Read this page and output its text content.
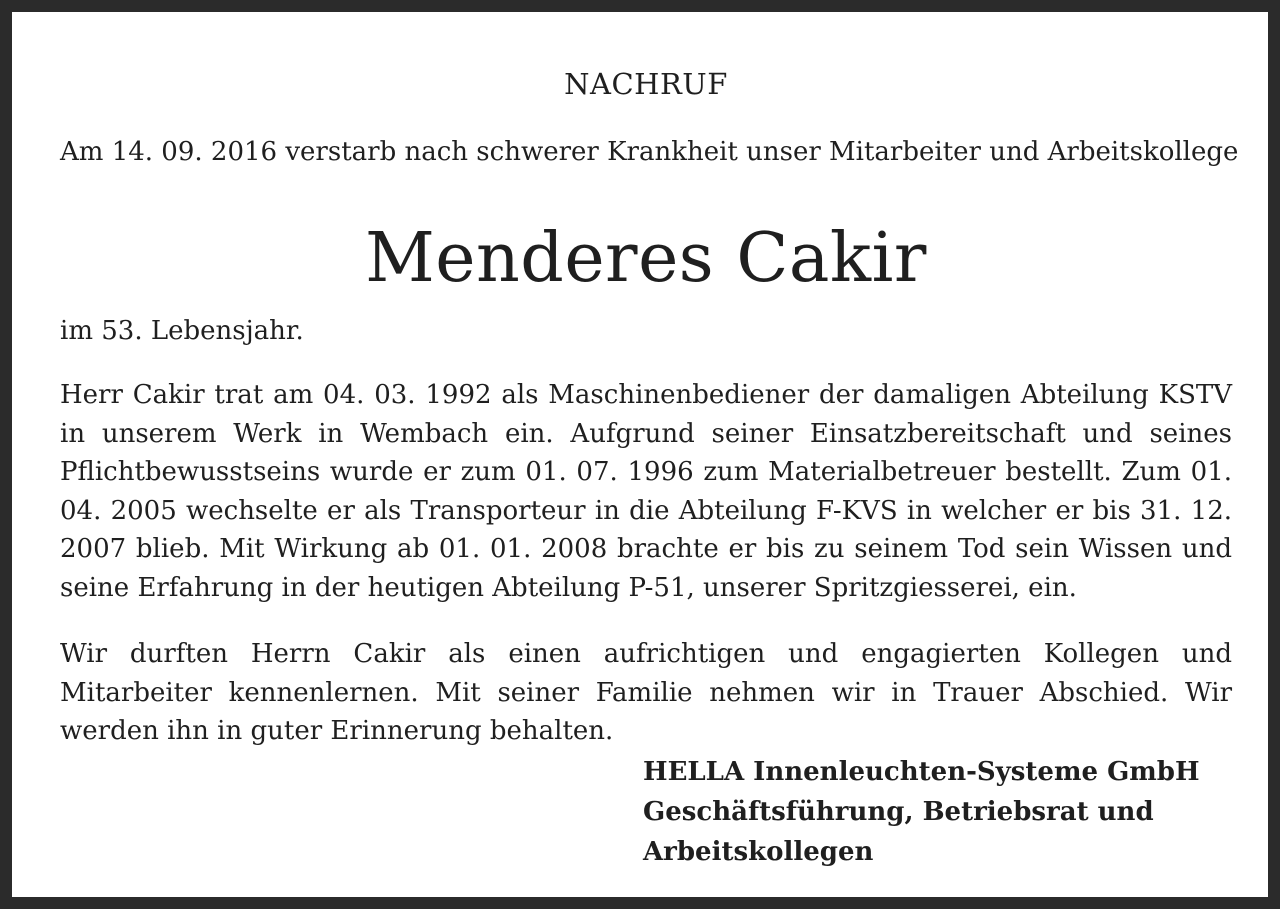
NACHRUF
Am 14. 09. 2016 verstarb nach schwerer Krankheit unser Mitarbeiter und Arbeitskollege
Menderes Cakir
im 53. Lebensjahr.
Herr Cakir trat am 04. 03. 1992 als Maschinenbediener der damaligen Abteilung KSTV in unserem Werk in Wembach ein. Aufgrund seiner Einsatzbereitschaft und seines Pflichtbewusstseins wurde er zum 01. 07. 1996 zum Materialbetreuer bestellt. Zum 01. 04. 2005 wechselte er als Transporteur in die Abteilung F-KVS in welcher er bis 31. 12. 2007 blieb. Mit Wirkung ab 01. 01. 2008 brachte er bis zu seinem Tod sein Wissen und seine Erfahrung in der heutigen Abteilung P-51, unserer Spritzgiesserei, ein.
Wir durften Herrn Cakir als einen aufrichtigen und engagierten Kollegen und Mitarbeiter kennenlernen. Mit seiner Familie nehmen wir in Trauer Abschied. Wir werden ihn in guter Erinnerung behalten.
HELLA Innenleuchten-Systeme GmbH
Geschäftsführung, Betriebsrat und
Arbeitskollegen
